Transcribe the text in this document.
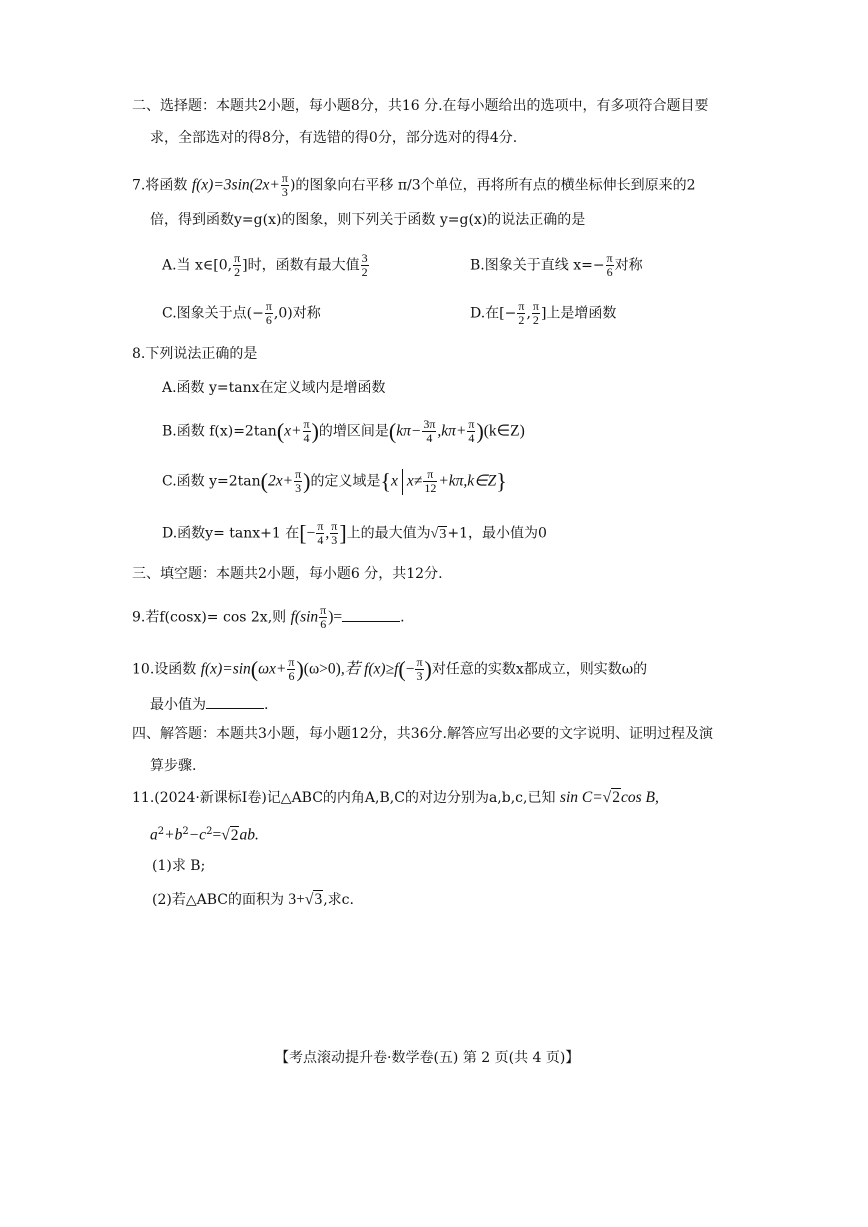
二、选择题：本题共2小题，每小题8分，共16 分.在每小题给出的选项中，有多项符合题目要
求，全部选对的得8分，有选错的得0分，部分选对的得4分.
7.将函数 $f(x)=3\sin(2x+ \frac{\pi}{3}$ )的图象向右平移 π/3个单位，再将所有点的横坐标伸长到原来的2
倍，得到函数y=g(x)的图象，则下列关于函数 y=g(x)的说法正确的是
A.当 x∈[0, $\frac{\pi}{2}$ ]时，函数有最大值 $\frac{3}{2}$	B.图象关于直线 $x=- \frac{\pi}{6}$ 对称
C.图象关于点(− $\frac{\pi}{6} ,0$)对称	D.在[− $\frac{\pi}{2}$ , $\frac{\pi}{2}$ ]上是增函数
8.下列说法正确的是
A.函数 y=tanx在定义域内是增函数
B.函数 $f(x)=2\tan(x+ \frac{\pi}{4}$ )的增区间是($k\pi- \frac{3\pi}{4} ,k\pi+ \frac{\pi}{4}$ )(k∈Z)
C.函数 $y=2\tan(2x+ \frac{\pi}{3}$ )的定义域是{x $x\ne \frac{\pi}{12}$ +kπ,k∈Z}
D.函数y= tanx+1 在[− $\frac{\pi}{4}$ , $\frac{\pi}{3}$ ]上的最大值为√3+1，最小值为0
三、填空题：本题共2小题，每小题6 分，共12分.
9.若f(cosx)= cos 2x,则 $f(\sin \frac{\pi}{6}$ )=	.
10.设函数 $f(x)=\sin(\omega x+ \frac{\pi}{6} )(\omega>0)$,若 $f(x)\ge f(- \frac{\pi}{3}$ )对任意的实数x都成立，则实数ω的
最小值为	.
四、解答题：本题共3小题，每小题12分，共36分.解答应写出必要的文字说明、证明过程及演
算步骤.
11.(2024·新课标Ⅰ卷)记△ABC的内角A,B,C的对边分别为a,b,c,已知 sin C=√2cos B,
$a^2+b^2-c^2=√2ab$.
(1)求 B;
(2)若△ABC的面积为 3+√3,求c.
【考点滚动提升卷·数学卷(五) 第 2 页(共 4 页)】
